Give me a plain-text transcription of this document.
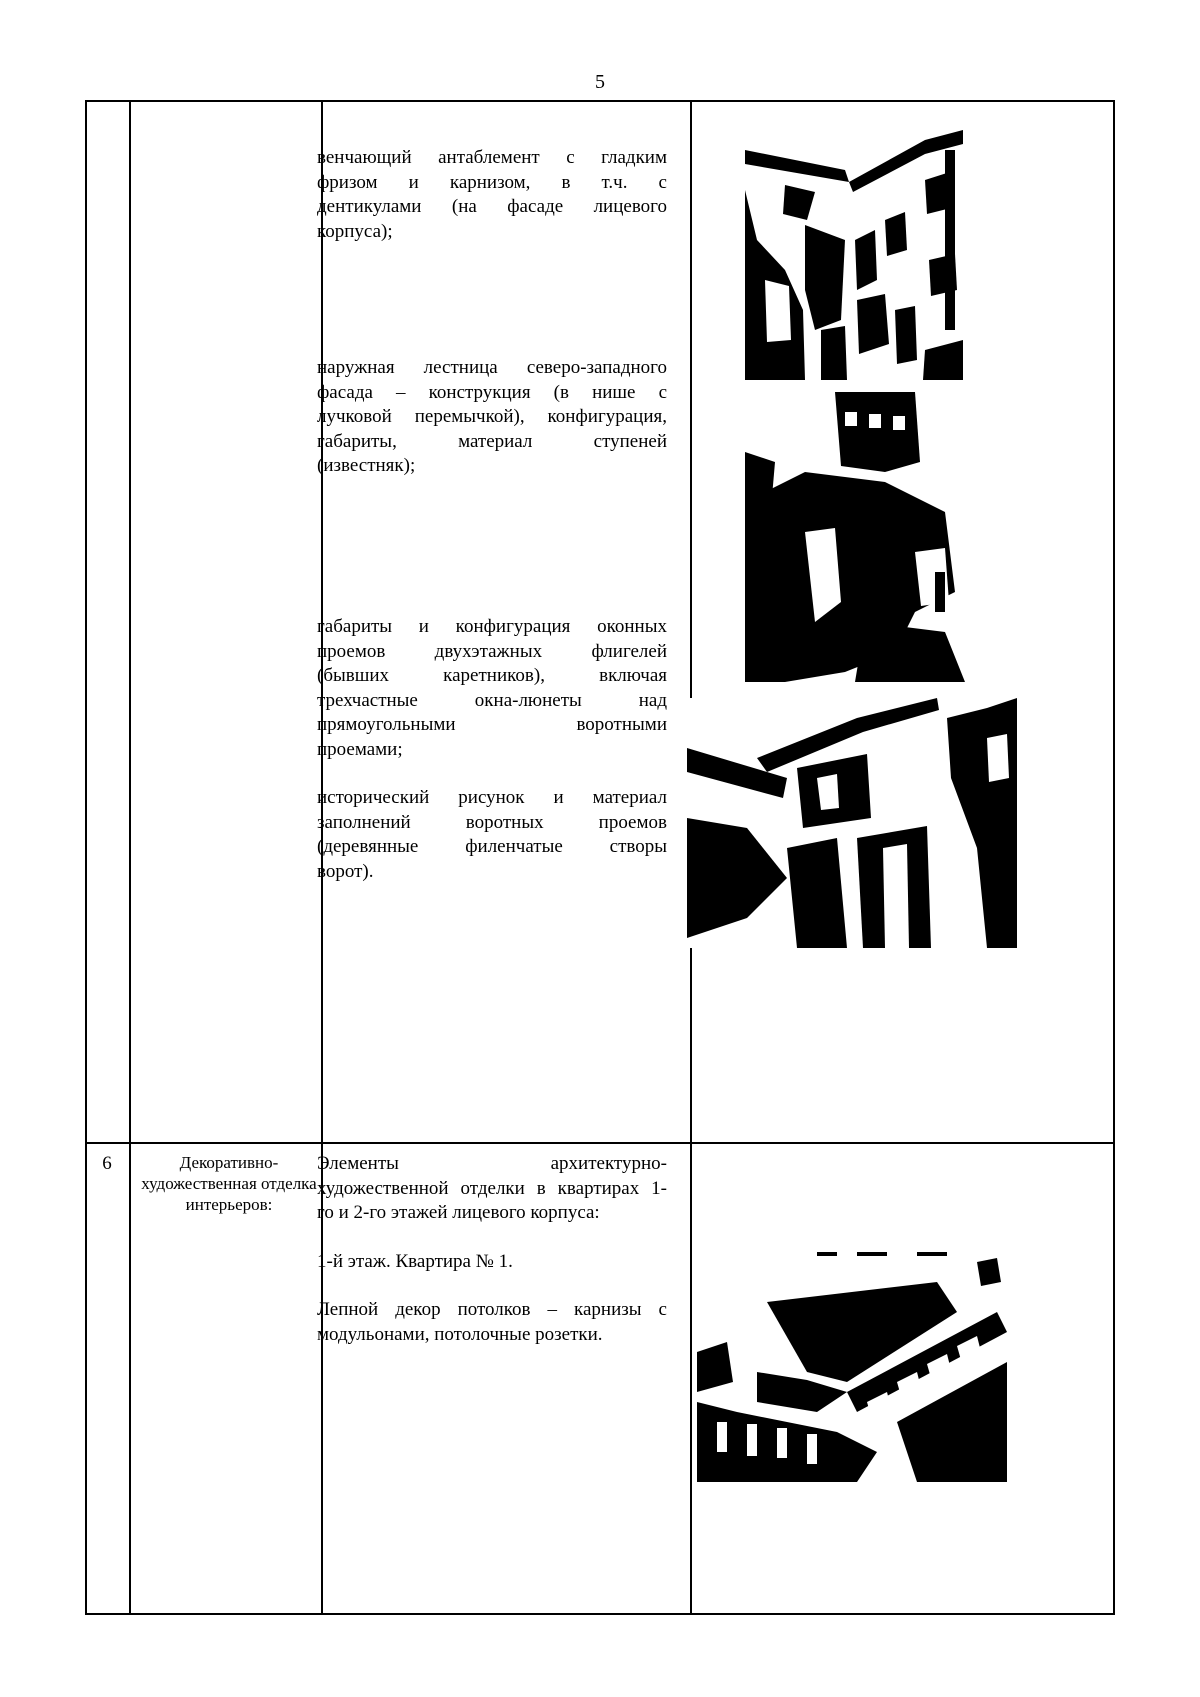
5

венчающий антаблемент с гладким

фризом и карнизом, в т.ч. с

дентикулами (на фасаде лицевого

корпуса);

наружная лестница северо-западного

фасада – конструкция (в нише с

лучковой перемычкой), конфигурация,

габариты, материал ступеней

(известняк);

габариты и конфигурация оконных

проемов двухэтажных флигелей

(бывших каретников), включая

трехчастные окна-люнеты над

прямоугольными воротными

проемами;

исторический рисунок и материал

заполнений воротных проемов

(деревянные филенчатые створы

ворот).

6	Декоративно-художественная отделка интерьеров:

Элементы архитектурно-

художественной отделки в квартирах 1-

го и 2-го этажей лицевого корпуса:

1-й этаж. Квартира № 1.

Лепной декор потолков – карнизы с

модульонами, потолочные розетки.
